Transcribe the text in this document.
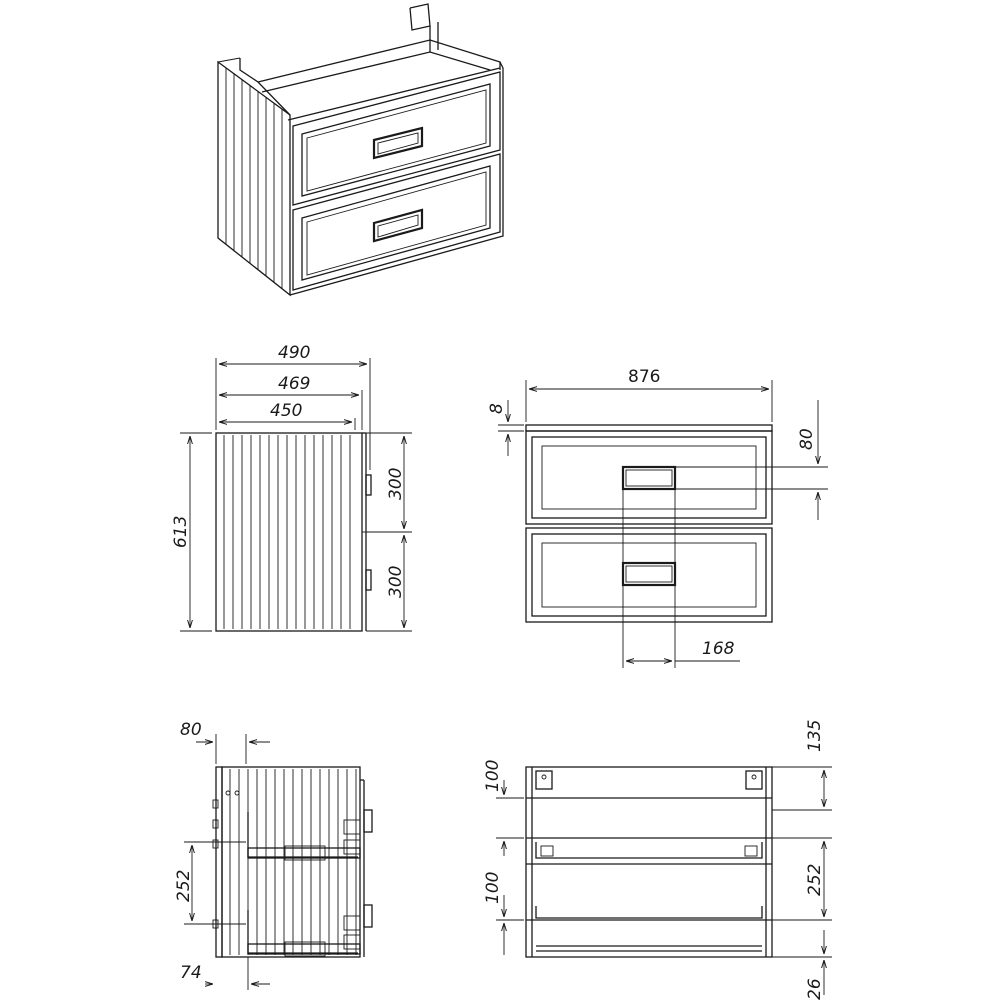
490
469
450
613
300
300
876
8
80
168
80
252
74
100
100
135
252
26
